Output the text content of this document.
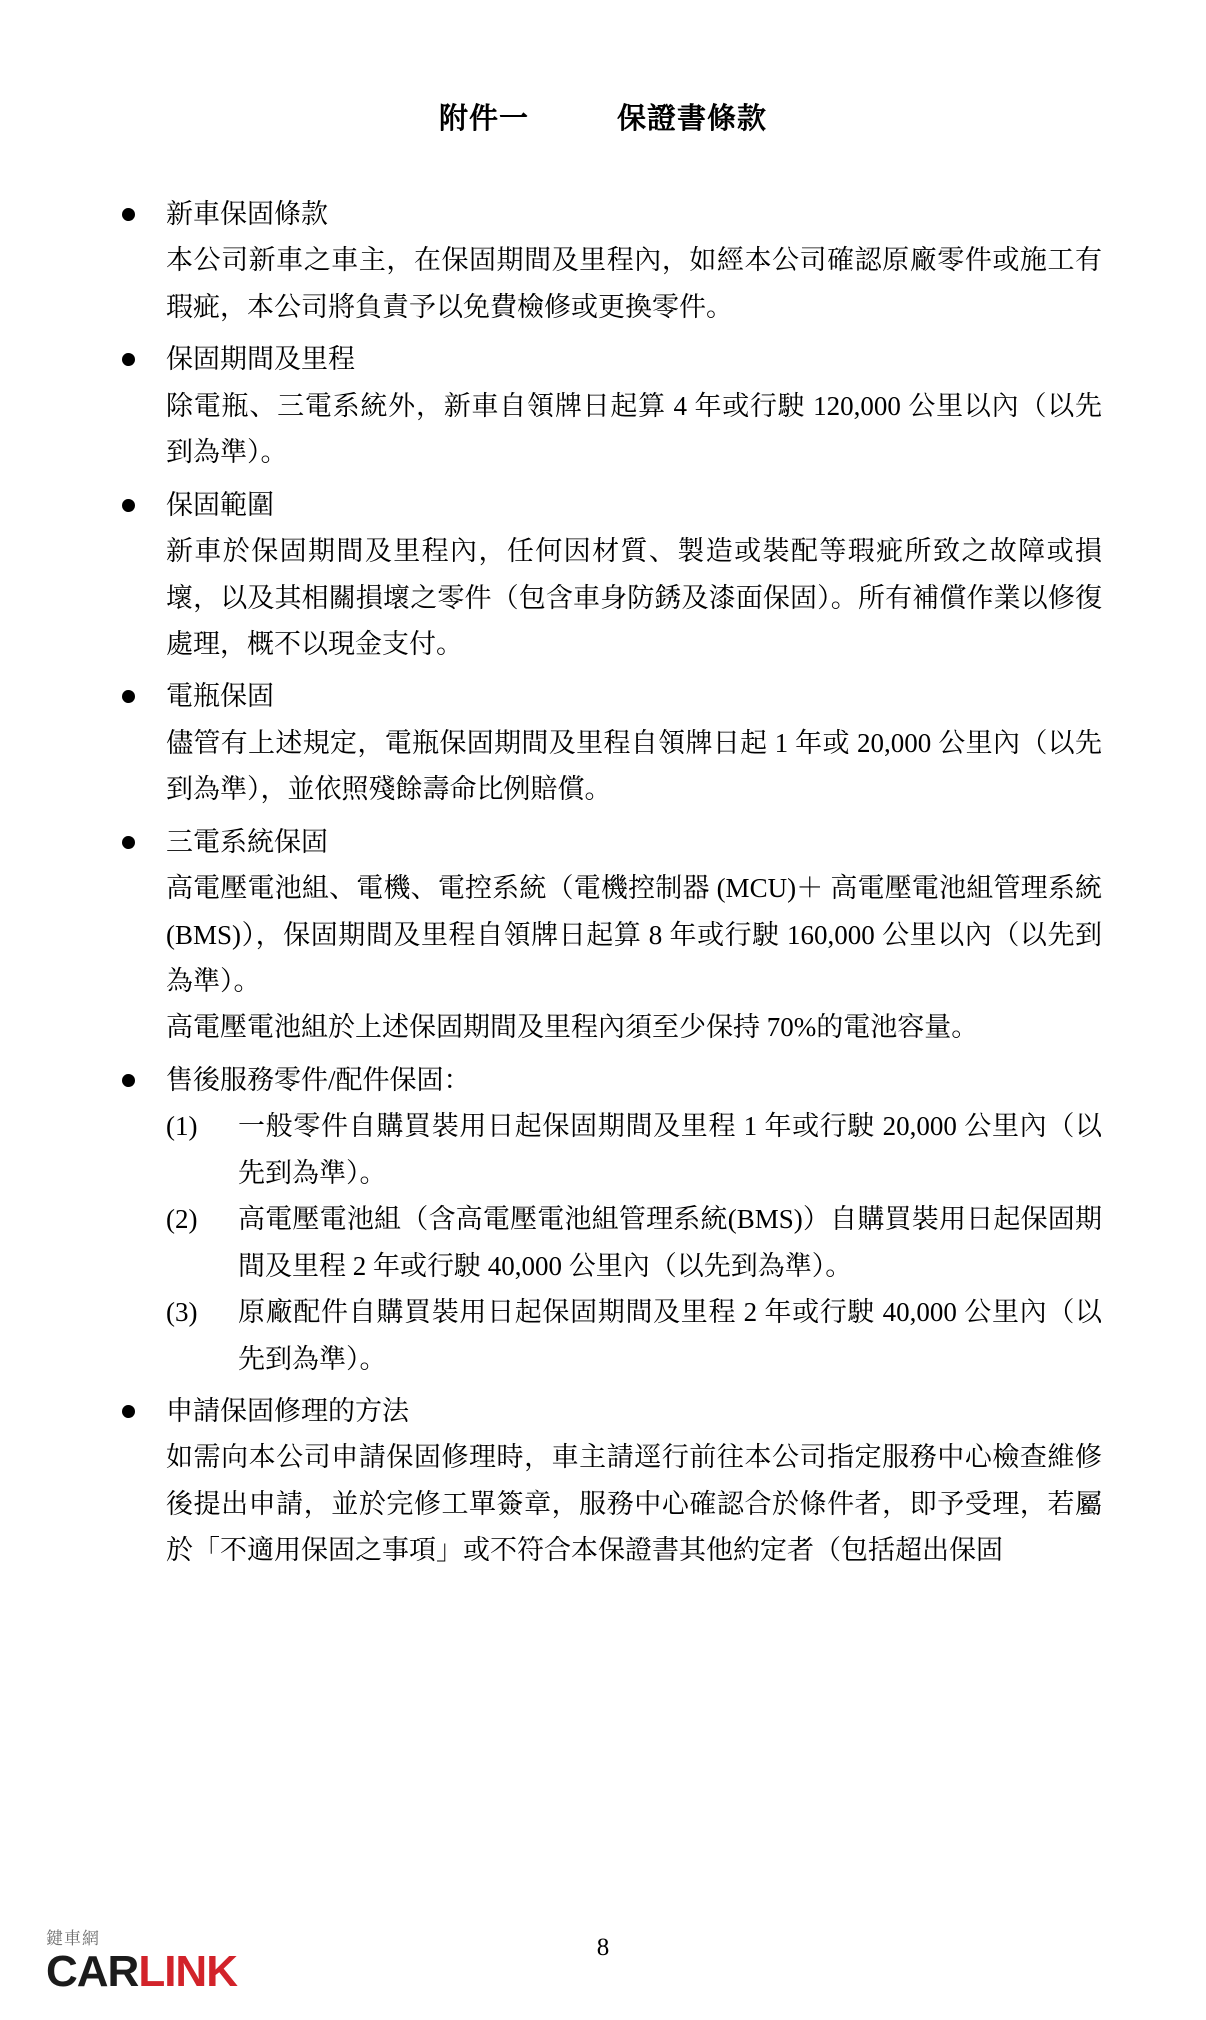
附件一	保證書條款

新車保固條款

本公司新車之車主，在保固期間及里程內，如經本公司確認原廠零件或施工有瑕疵，本公司將負責予以免費檢修或更換零件。

保固期間及里程

除電瓶、三電系統外，新車自領牌日起算 4 年或行駛 120,000 公里以內（以先到為準）。

保固範圍

新車於保固期間及里程內，任何因材質、製造或裝配等瑕疵所致之故障或損壞，以及其相關損壞之零件（包含車身防銹及漆面保固）。所有補償作業以修復處理，概不以現金支付。

電瓶保固

儘管有上述規定，電瓶保固期間及里程自領牌日起 1 年或 20,000 公里內（以先到為準），並依照殘餘壽命比例賠償。

三電系統保固

高電壓電池組、電機、電控系統（電機控制器 (MCU)＋ 高電壓電池組管理系統(BMS)），保固期間及里程自領牌日起算 8 年或行駛 160,000 公里以內（以先到為準）。

高電壓電池組於上述保固期間及里程內須至少保持 70%的電池容量。

售後服務零件/配件保固：

(1) 一般零件自購買裝用日起保固期間及里程 1 年或行駛 20,000 公里內（以先到為準）。
(2) 高電壓電池組（含高電壓電池組管理系統(BMS)）自購買裝用日起保固期間及里程 2 年或行駛 40,000 公里內（以先到為準）。
(3) 原廠配件自購買裝用日起保固期間及里程 2 年或行駛 40,000 公里內（以先到為準）。

申請保固修理的方法

如需向本公司申請保固修理時，車主請逕行前往本公司指定服務中心檢查維修後提出申請，並於完修工單簽章，服務中心確認合於條件者，即予受理，若屬於「不適用保固之事項」或不符合本保證書其他約定者（包括超出保固

8
鍵車網
CARLINK
